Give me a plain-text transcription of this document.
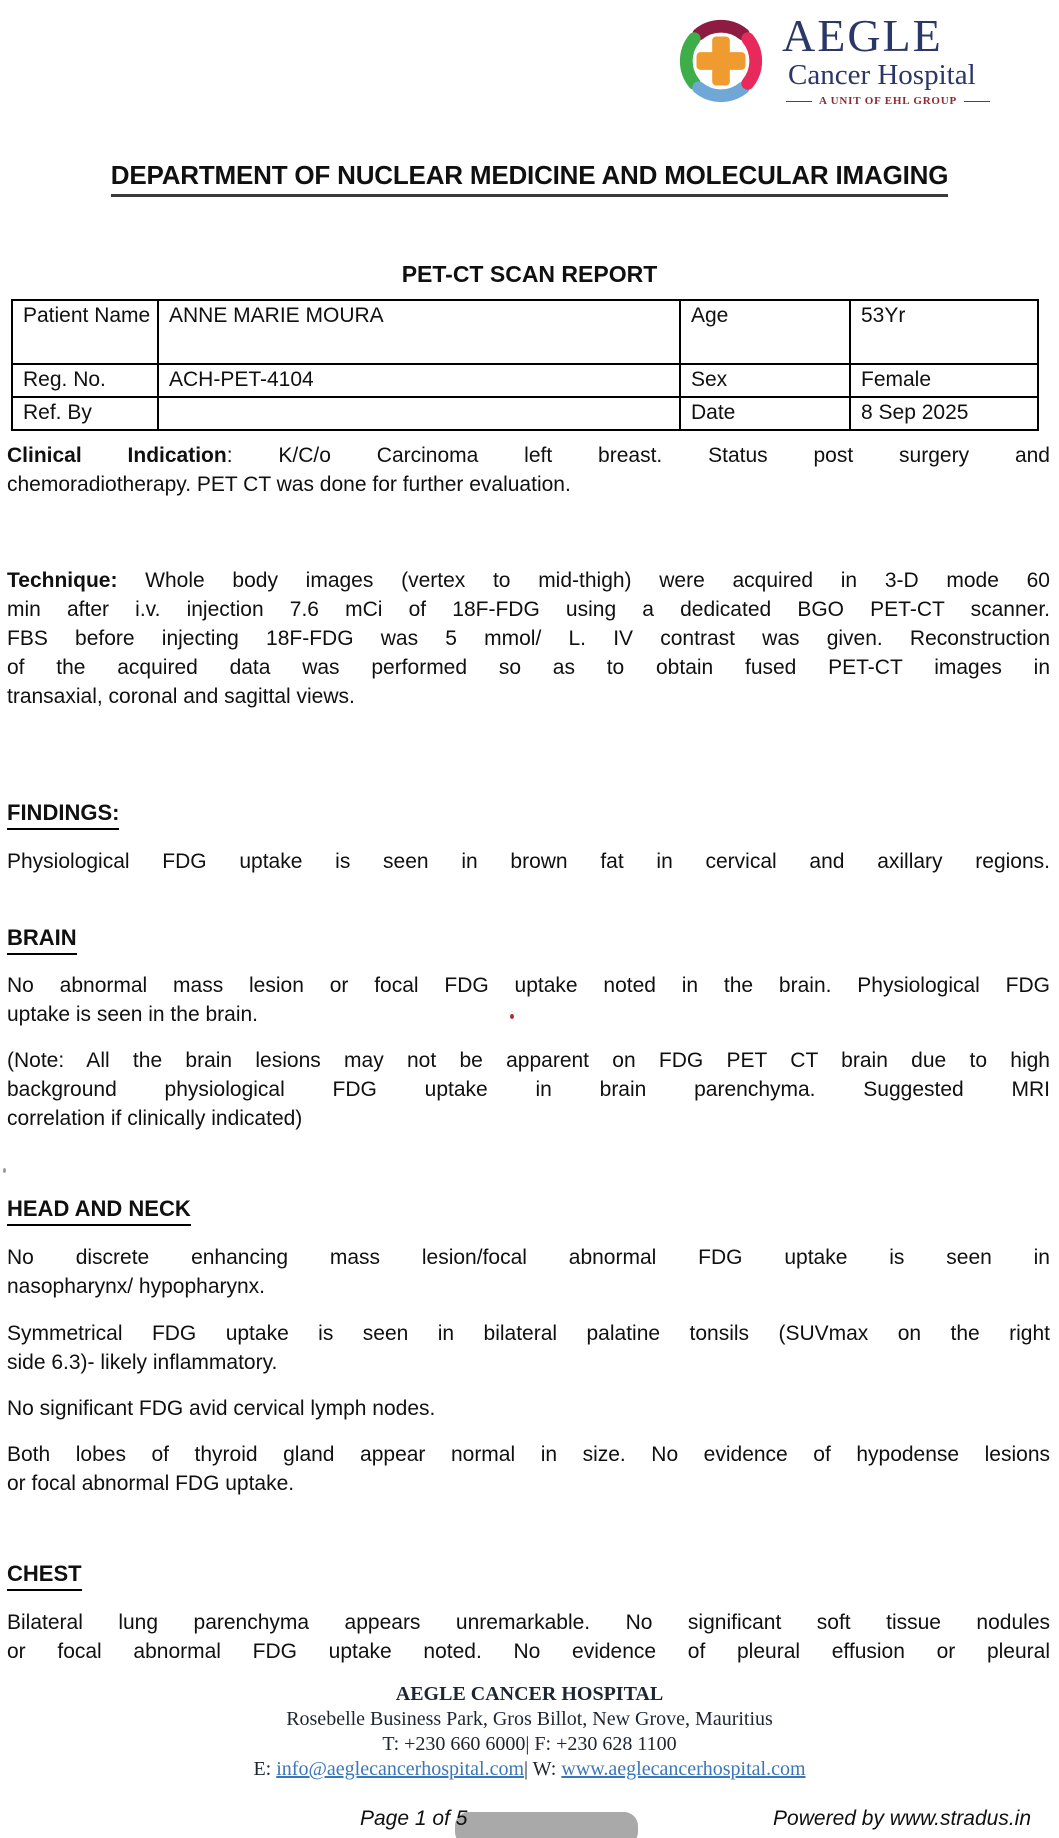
AEGLE
Cancer Hospital
A UNIT OF EHL GROUP
DEPARTMENT OF NUCLEAR MEDICINE AND MOLECULAR IMAGING
PET-CT SCAN REPORT
Patient Name	ANNE MARIE MOURA	Age	53Yr
Reg. No.	ACH-PET-4104	Sex	Female
Ref. By		Date	8 Sep 2025
Clinical Indication: K/C/o Carcinoma left breast. Status post surgery and
chemoradiotherapy. PET CT was done for further evaluation.
Technique: Whole body images (vertex to mid-thigh) were acquired in 3-D mode 60
min after i.v. injection 7.6 mCi of 18F-FDG using a dedicated BGO PET-CT scanner.
FBS before injecting 18F-FDG was 5 mmol/ L. IV contrast was given. Reconstruction
of the acquired data was performed so as to obtain fused PET-CT images in
transaxial, coronal and sagittal views.
FINDINGS:
Physiological FDG uptake is seen in brown fat in cervical and axillary regions.
BRAIN
No abnormal mass lesion or focal FDG uptake noted in the brain. Physiological FDG
uptake is seen in the brain.
(Note: All the brain lesions may not be apparent on FDG PET CT brain due to high
background physiological FDG uptake in brain parenchyma. Suggested MRI
correlation if clinically indicated)
HEAD AND NECK
No discrete enhancing mass lesion/focal abnormal FDG uptake is seen in
nasopharynx/ hypopharynx.
Symmetrical FDG uptake is seen in bilateral palatine tonsils (SUVmax on the right
side 6.3)- likely inflammatory.
No significant FDG avid cervical lymph nodes.
Both lobes of thyroid gland appear normal in size. No evidence of hypodense lesions
or focal abnormal FDG uptake.
CHEST
Bilateral lung parenchyma appears unremarkable. No significant soft tissue nodules
or focal abnormal FDG uptake noted. No evidence of pleural effusion or pleural
AEGLE CANCER HOSPITAL
Rosebelle Business Park, Gros Billot, New Grove, Mauritius
T: +230 660 6000| F: +230 628 1100
E: info@aeglecancerhospital.com| W: www.aeglecancerhospital.com
Page 1 of 5	Powered by www.stradus.in
